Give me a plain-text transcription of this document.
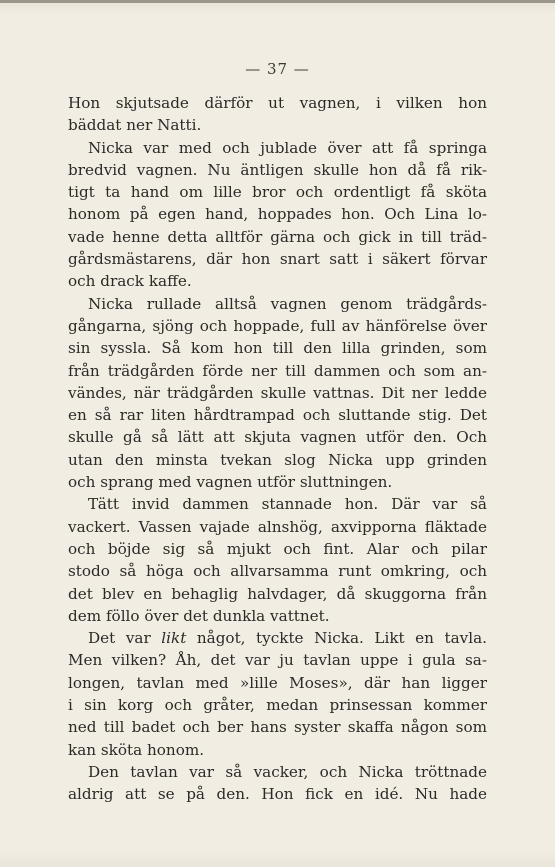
— 37 —
Hon skjutsade därför ut vagnen, i vilken hon
bäddat ner Natti.
Nicka var med och jublade över att få springa
bredvid vagnen. Nu äntligen skulle hon då få rik-
tigt ta hand om lille bror och ordentligt få sköta
honom på egen hand, hoppades hon. Och Lina lo-
vade henne detta alltför gärna och gick in till träd-
gårdsmästarens, där hon snart satt i säkert förvar
och drack kaffe.
Nicka rullade alltså vagnen genom trädgårds-
gångarna, sjöng och hoppade, full av hänförelse över
sin syssla. Så kom hon till den lilla grinden, som
från trädgården förde ner till dammen och som an-
vändes, när trädgården skulle vattnas. Dit ner ledde
en så rar liten hårdtrampad och sluttande stig. Det
skulle gå så lätt att skjuta vagnen utför den. Och
utan den minsta tvekan slog Nicka upp grinden
och sprang med vagnen utför sluttningen.
Tätt invid dammen stannade hon. Där var så
vackert. Vassen vajade alnshög, axvipporna fläktade
och böjde sig så mjukt och fint. Alar och pilar
stodo så höga och allvarsamma runt omkring, och
det blev en behaglig halvdager, då skuggorna från
dem föllo över det dunkla vattnet.
Det var likt något, tyckte Nicka. Likt en tavla.
Men vilken? Åh, det var ju tavlan uppe i gula sa-
longen, tavlan med »lille Moses», där han ligger
i sin korg och gråter, medan prinsessan kommer
ned till badet och ber hans syster skaffa någon som
kan sköta honom.
Den tavlan var så vacker, och Nicka tröttnade
aldrig att se på den. Hon fick en idé. Nu hade
